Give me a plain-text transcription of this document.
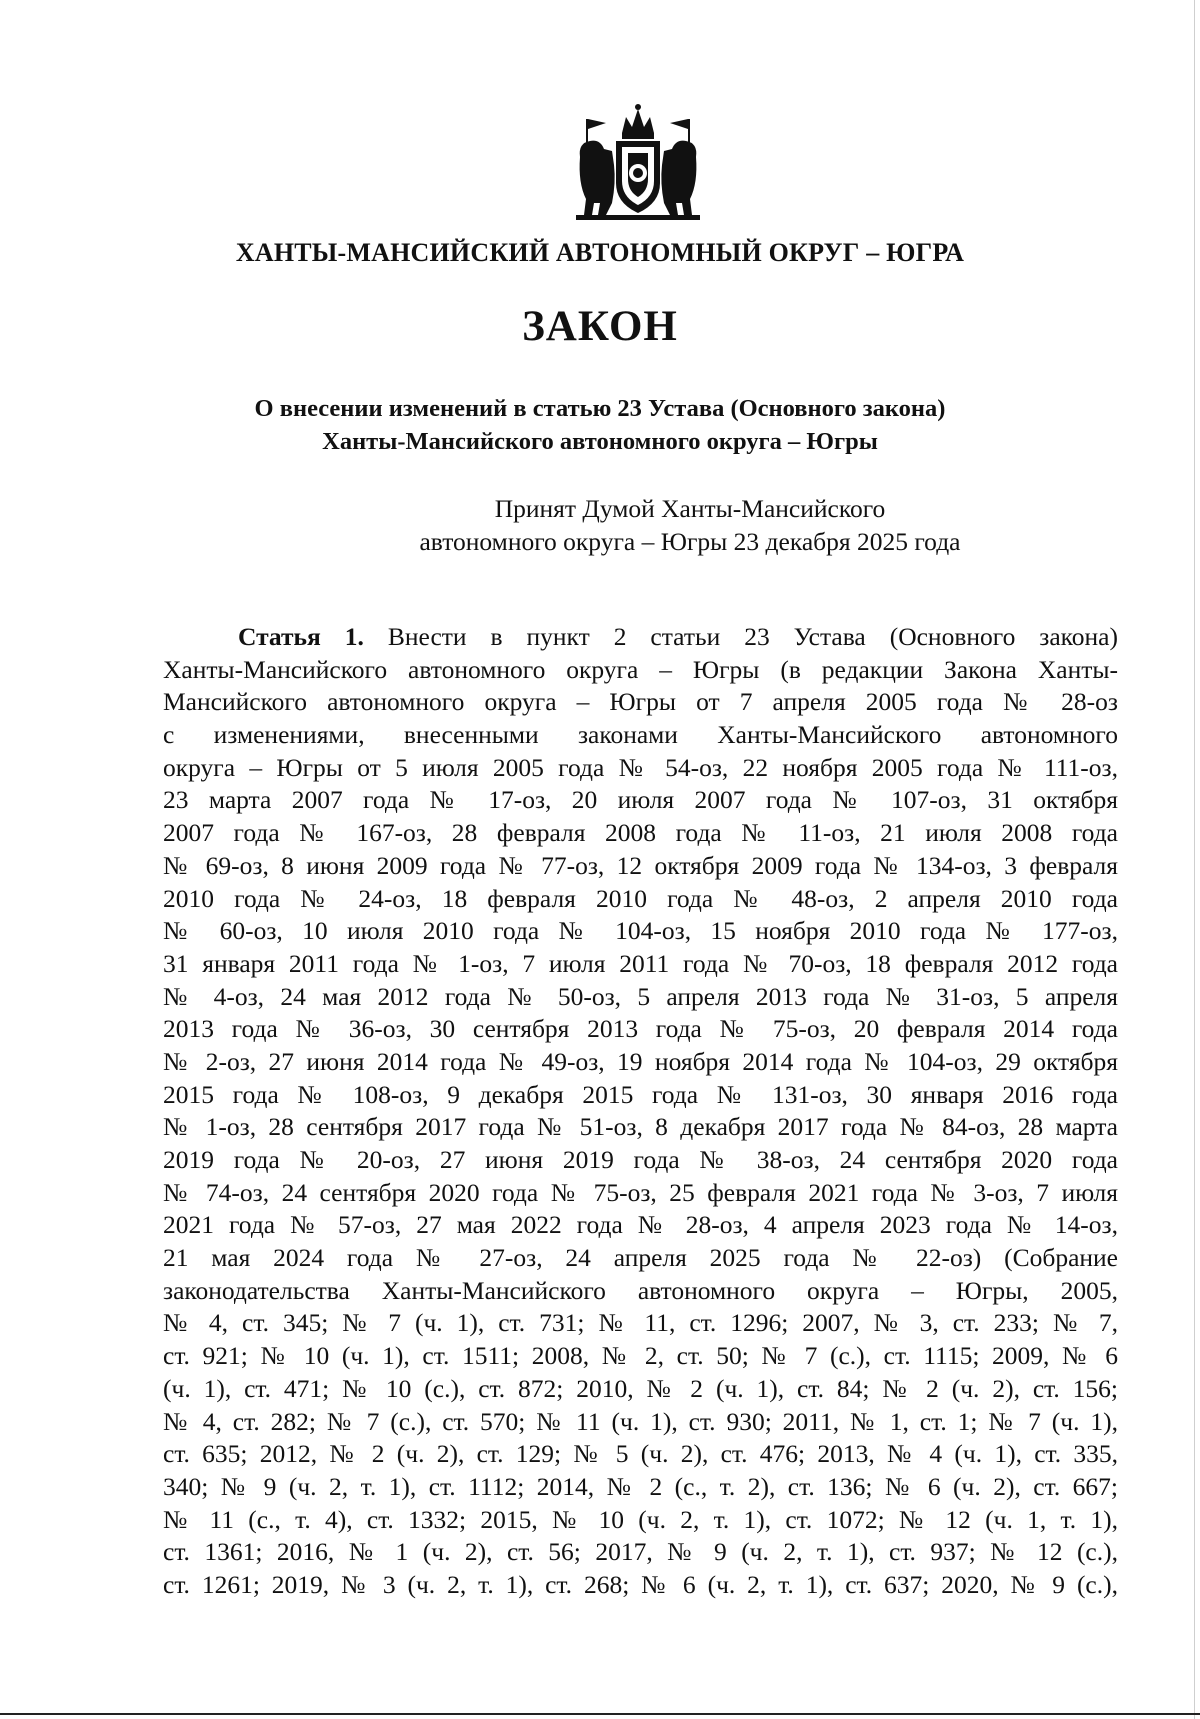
ХАНТЫ-МАНСИЙСКИЙ АВТОНОМНЫЙ ОКРУГ – ЮГРА
ЗАКОН
О внесении изменений в статью 23 Устава (Основного закона)
Ханты-Мансийского автономного округа – Югры
Принят Думой Ханты-Мансийского
автономного округа – Югры 23 декабря 2025 года
Статья 1. Внести в пункт 2 статьи 23 Устава (Основного закона)
Ханты-Мансийского автономного округа – Югры (в редакции Закона Ханты-
Мансийского автономного округа – Югры от 7 апреля 2005 года № 28-оз
с изменениями, внесенными законами Ханты-Мансийского автономного
округа – Югры от 5 июля 2005 года № 54-оз, 22 ноября 2005 года № 111-оз,
23 марта 2007 года № 17-оз, 20 июля 2007 года № 107-оз, 31 октября
2007 года № 167-оз, 28 февраля 2008 года № 11-оз, 21 июля 2008 года
№ 69-оз, 8 июня 2009 года № 77-оз, 12 октября 2009 года № 134-оз, 3 февраля
2010 года № 24-оз, 18 февраля 2010 года № 48-оз, 2 апреля 2010 года
№ 60-оз, 10 июля 2010 года № 104-оз, 15 ноября 2010 года № 177-оз,
31 января 2011 года № 1-оз, 7 июля 2011 года № 70-оз, 18 февраля 2012 года
№ 4-оз, 24 мая 2012 года № 50-оз, 5 апреля 2013 года № 31-оз, 5 апреля
2013 года № 36-оз, 30 сентября 2013 года № 75-оз, 20 февраля 2014 года
№ 2-оз, 27 июня 2014 года № 49-оз, 19 ноября 2014 года № 104-оз, 29 октября
2015 года № 108-оз, 9 декабря 2015 года № 131-оз, 30 января 2016 года
№ 1-оз, 28 сентября 2017 года № 51-оз, 8 декабря 2017 года № 84-оз, 28 марта
2019 года № 20-оз, 27 июня 2019 года № 38-оз, 24 сентября 2020 года
№ 74-оз, 24 сентября 2020 года № 75-оз, 25 февраля 2021 года № 3-оз, 7 июля
2021 года № 57-оз, 27 мая 2022 года № 28-оз, 4 апреля 2023 года № 14-оз,
21 мая 2024 года № 27-оз, 24 апреля 2025 года № 22-оз) (Собрание
законодательства Ханты-Мансийского автономного округа – Югры, 2005,
№ 4, ст. 345; № 7 (ч. 1), ст. 731; № 11, ст. 1296; 2007, № 3, ст. 233; № 7,
ст. 921; № 10 (ч. 1), ст. 1511; 2008, № 2, ст. 50; № 7 (с.), ст. 1115; 2009, № 6
(ч. 1), ст. 471; № 10 (с.), ст. 872; 2010, № 2 (ч. 1), ст. 84; № 2 (ч. 2), ст. 156;
№ 4, ст. 282; № 7 (с.), ст. 570; № 11 (ч. 1), ст. 930; 2011, № 1, ст. 1; № 7 (ч. 1),
ст. 635; 2012, № 2 (ч. 2), ст. 129; № 5 (ч. 2), ст. 476; 2013, № 4 (ч. 1), ст. 335,
340; № 9 (ч. 2, т. 1), ст. 1112; 2014, № 2 (с., т. 2), ст. 136; № 6 (ч. 2), ст. 667;
№ 11 (с., т. 4), ст. 1332; 2015, № 10 (ч. 2, т. 1), ст. 1072; № 12 (ч. 1, т. 1),
ст. 1361; 2016, № 1 (ч. 2), ст. 56; 2017, № 9 (ч. 2, т. 1), ст. 937; № 12 (с.),
ст. 1261; 2019, № 3 (ч. 2, т. 1), ст. 268; № 6 (ч. 2, т. 1), ст. 637; 2020, № 9 (с.),
